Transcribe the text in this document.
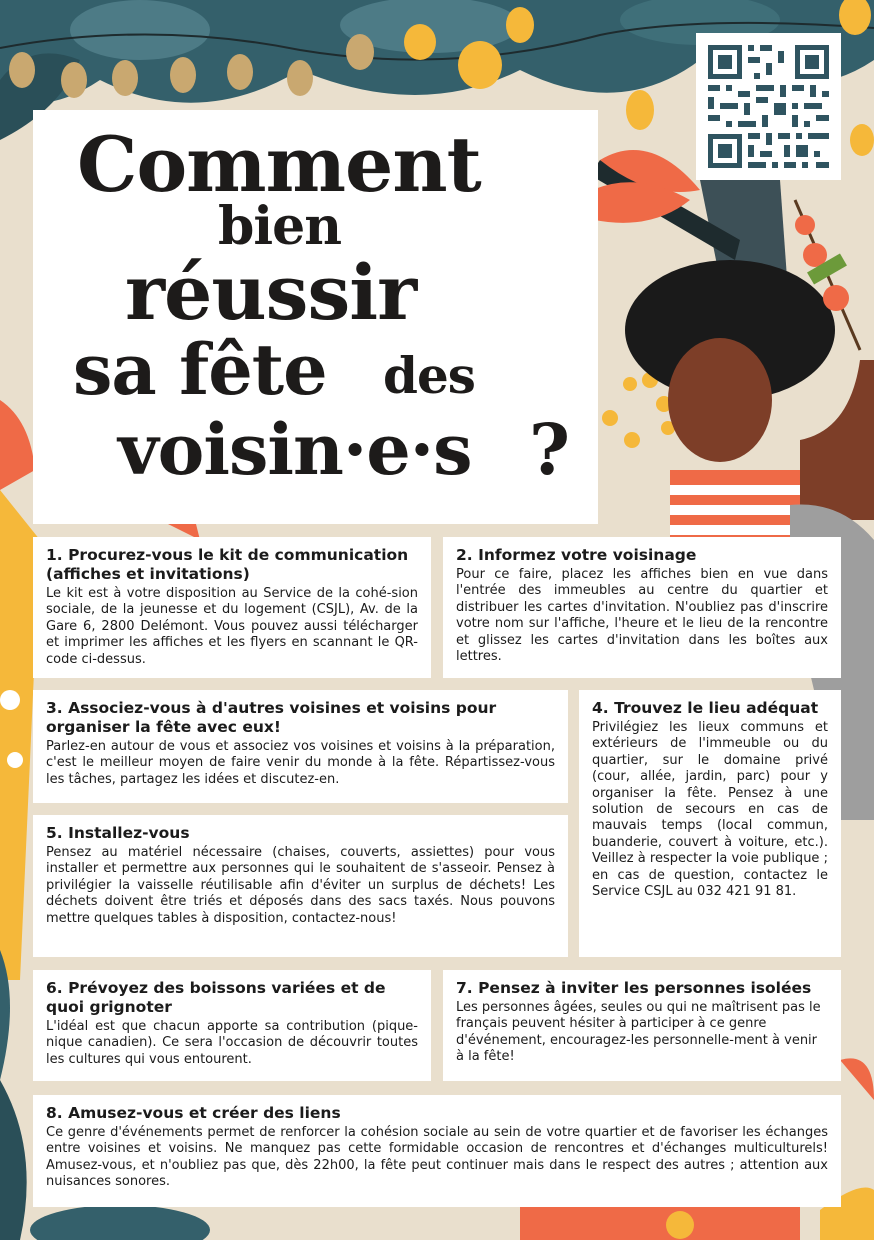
Comment
bien
réussir
sa fête des
voisin·e·s ?
1. Procurez-vous le kit de communication (affiches et invitations)

Le kit est à votre disposition au Service de la cohé-sion sociale, de la jeunesse et du logement (CSJL), Av. de la Gare 6, 2800 Delémont. Vous pouvez aussi télécharger et imprimer les affiches et les flyers en scannant le QR-code ci-dessus.

2. Informez votre voisinage

Pour ce faire, placez les affiches bien en vue dans l'entrée des immeubles au centre du quartier et distribuer les cartes d'invitation. N'oubliez pas d'inscrire votre nom sur l'affiche, l'heure et le lieu de la rencontre et glissez les cartes d'invitation dans les boîtes aux lettres.

3. Associez-vous à d'autres voisines et voisins pour organiser la fête avec eux!

Parlez-en autour de vous et associez vos voisines et voisins à la préparation, c'est le meilleur moyen de faire venir du monde à la fête. Répartissez-vous les tâches, partagez les idées et discutez-en.

4. Trouvez le lieu adéquat

Privilégiez les lieux communs et extérieurs de l'immeuble ou du quartier, sur le domaine privé (cour, allée, jardin, parc) pour y organiser la fête. Pensez à une solution de secours en cas de mauvais temps (local commun, buanderie, couvert à voiture, etc.). Veillez à respecter la voie publique ; en cas de question, contactez le Service CSJL au 032 421 91 81.

5. Installez-vous

Pensez au matériel nécessaire (chaises, couverts, assiettes) pour vous installer et permettre aux personnes qui le souhaitent de s'asseoir. Pensez à privilégier la vaisselle réutilisable afin d'éviter un surplus de déchets! Les déchets doivent être triés et déposés dans des sacs taxés. Nous pouvons mettre quelques tables à disposition, contactez-nous!

6. Prévoyez des boissons variées et de quoi grignoter

L'idéal est que chacun apporte sa contribution (pique-nique canadien). Ce sera l'occasion de découvrir toutes les cultures qui vous entourent.

7. Pensez à inviter les personnes isolées

Les personnes âgées, seules ou qui ne maîtrisent pas le français peuvent hésiter à participer à ce genre d'événement, encouragez-les personnelle-ment à venir à la fête!

8. Amusez-vous et créer des liens

Ce genre d'événements permet de renforcer la cohésion sociale au sein de votre quartier et de favoriser les échanges entre voisines et voisins. Ne manquez pas cette formidable occasion de rencontres et d'échanges multiculturels! Amusez-vous, et n'oubliez pas que, dès 22h00, la fête peut continuer mais dans le respect des autres ; attention aux nuisances sonores.
